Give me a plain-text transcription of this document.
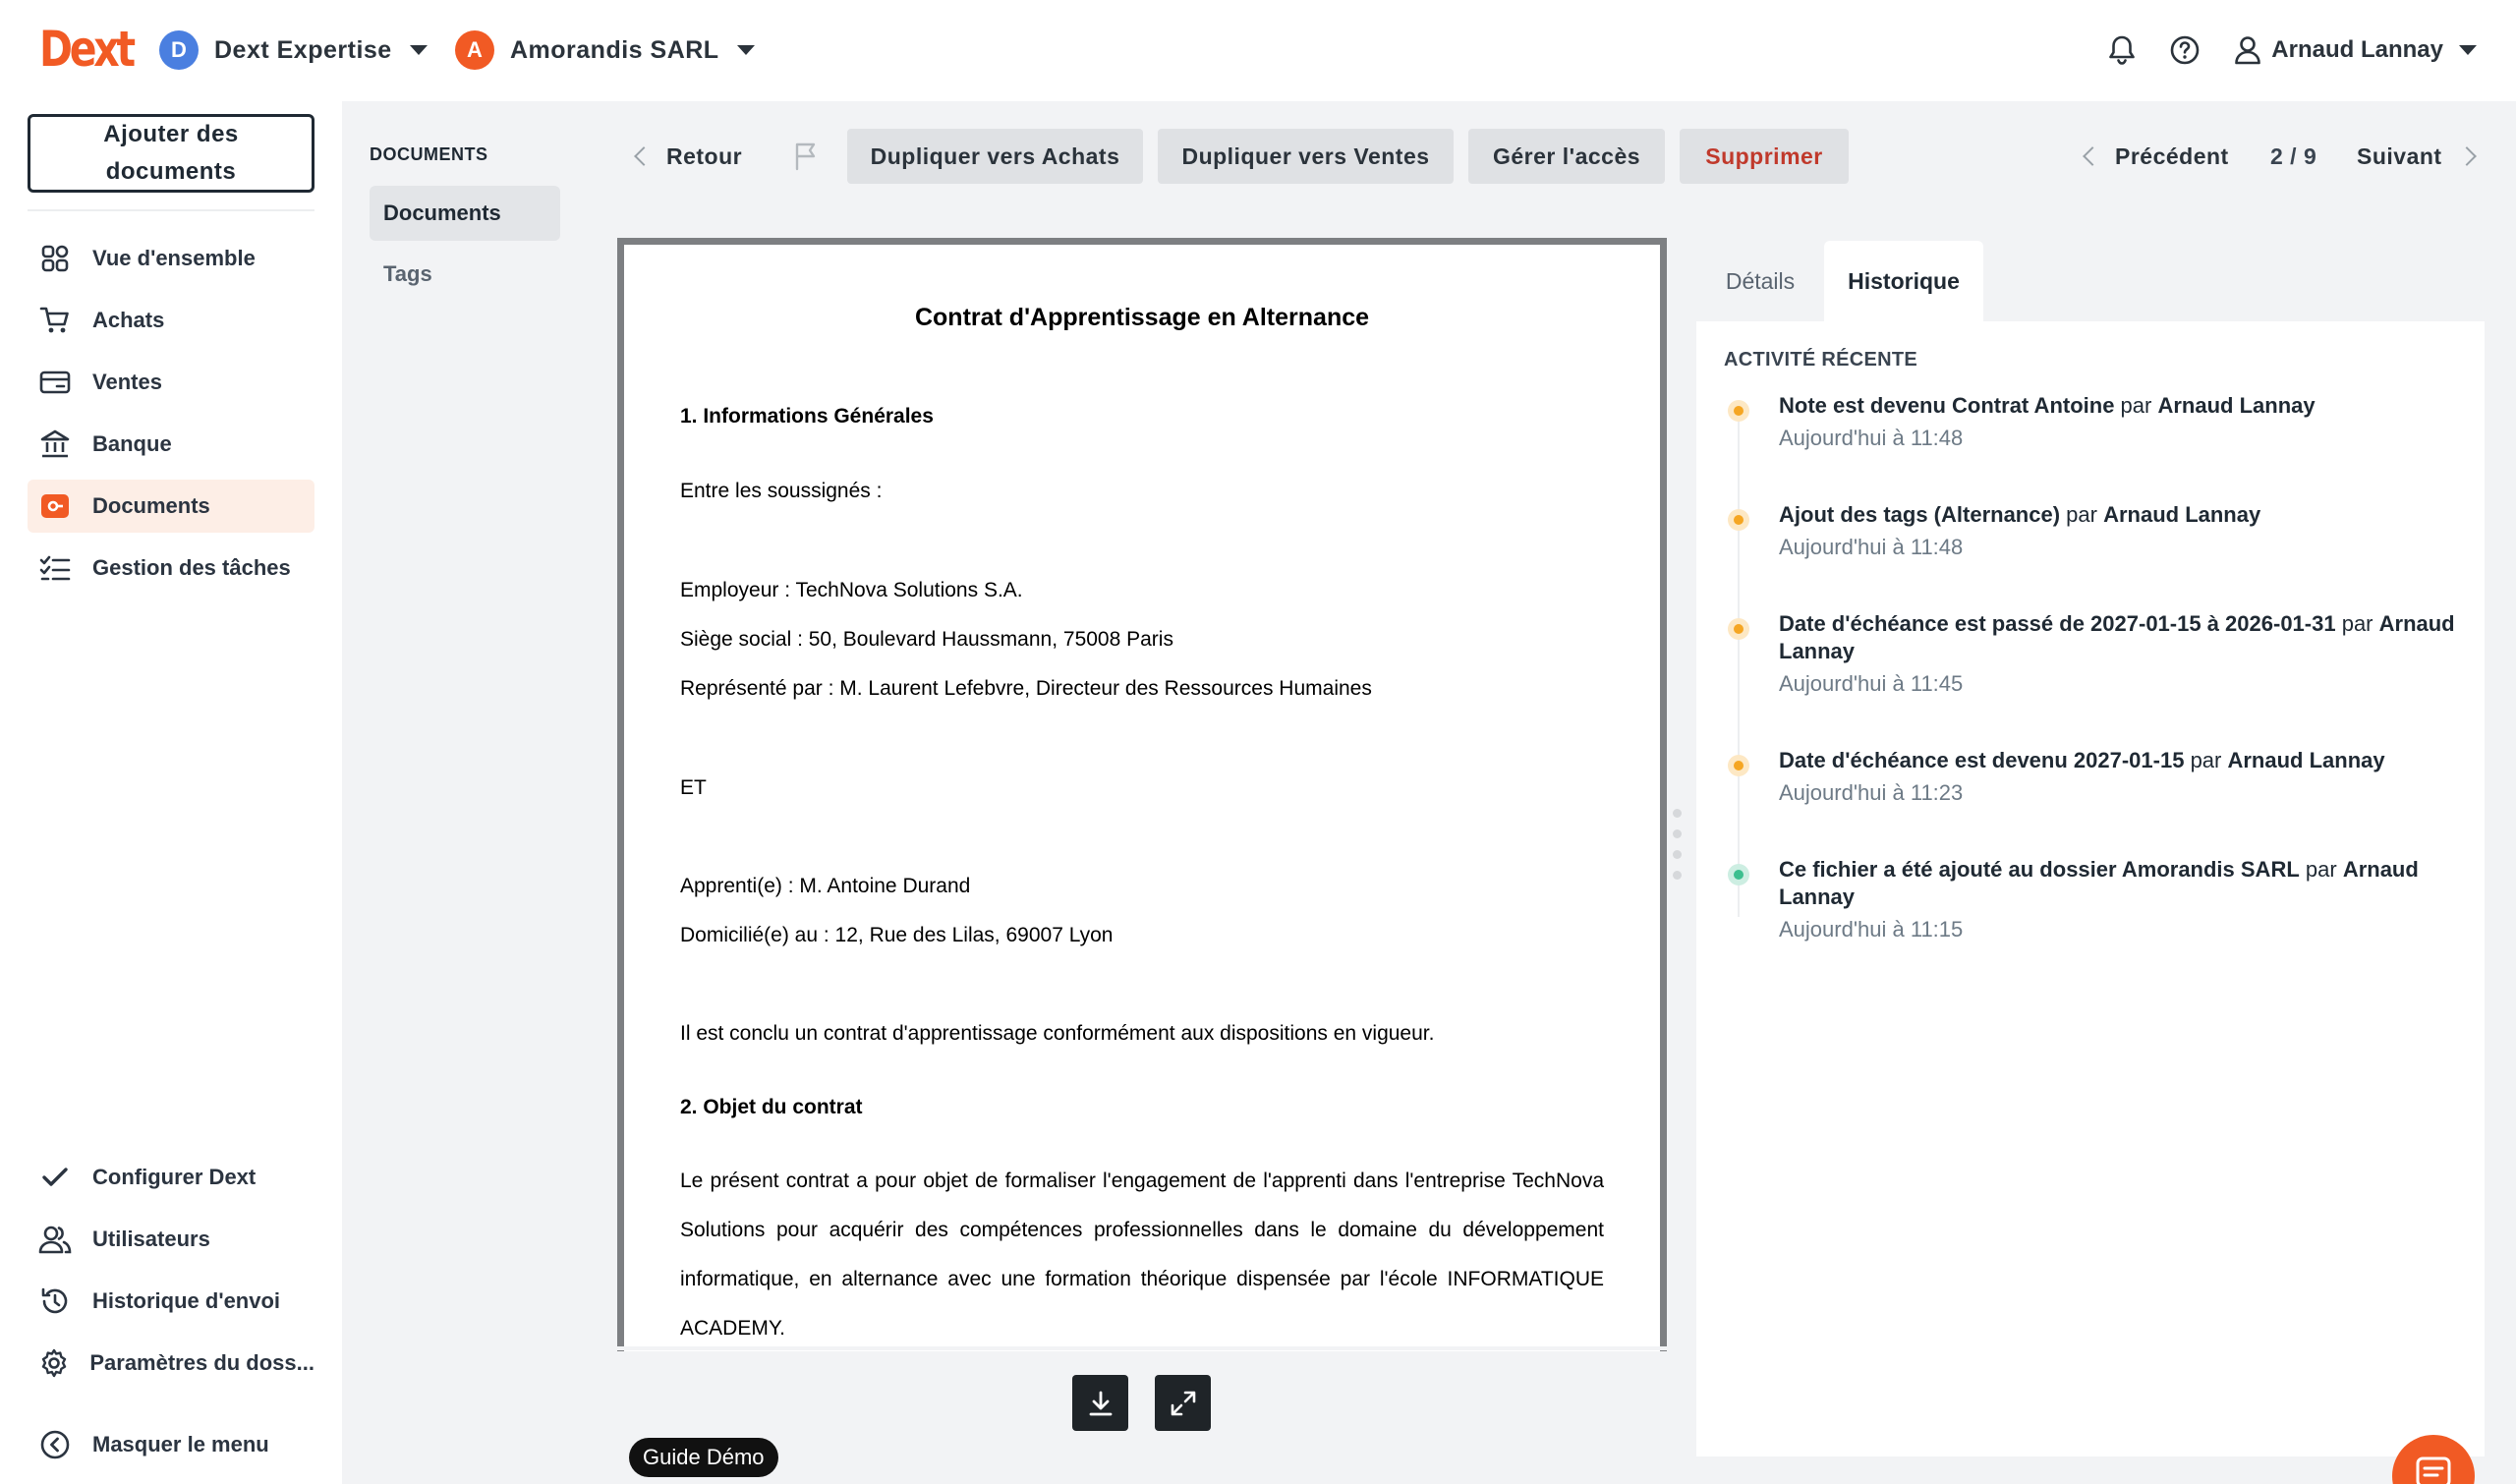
Dext	D	Dext Expertise	A	Amorandis SARL	Arnaud Lannay
Ajouter des documents
Vue d'ensemble
Achats
Ventes
Banque
Documents
Gestion des tâches
Configurer Dext
Utilisateurs
Historique d'envoi
Paramètres du doss...
Masquer le menu
DOCUMENTS
Documents
Tags
Retour	Dupliquer vers Achats	Dupliquer vers Ventes	Gérer l'accès	Supprimer	Précédent 2 / 9 Suivant
Contrat d'Apprentissage en Alternance
1. Informations Générales
Entre les soussignés :
Employeur : TechNova Solutions S.A.
Siège social : 50, Boulevard Haussmann, 75008 Paris
Représenté par : M. Laurent Lefebvre, Directeur des Ressources Humaines
ET
Apprenti(e) : M. Antoine Durand
Domicilié(e) au : 12, Rue des Lilas, 69007 Lyon
Il est conclu un contrat d'apprentissage conformément aux dispositions en vigueur.
2. Objet du contrat
Le présent contrat a pour objet de formaliser l'engagement de l'apprenti dans l'entreprise TechNova Solutions pour acquérir des compétences professionnelles dans le domaine du développement informatique, en alternance avec une formation théorique dispensée par l'école INFORMATIQUE ACADEMY.
Guide Démo
Détails	Historique
ACTIVITÉ RÉCENTE
Note est devenu Contrat Antoine par Arnaud Lannay
Aujourd'hui à 11:48
Ajout des tags (Alternance) par Arnaud Lannay
Aujourd'hui à 11:48
Date d'échéance est passé de 2027-01-15 à 2026-01-31 par Arnaud Lannay
Aujourd'hui à 11:45
Date d'échéance est devenu 2027-01-15 par Arnaud Lannay
Aujourd'hui à 11:23
Ce fichier a été ajouté au dossier Amorandis SARL par Arnaud Lannay
Aujourd'hui à 11:15
